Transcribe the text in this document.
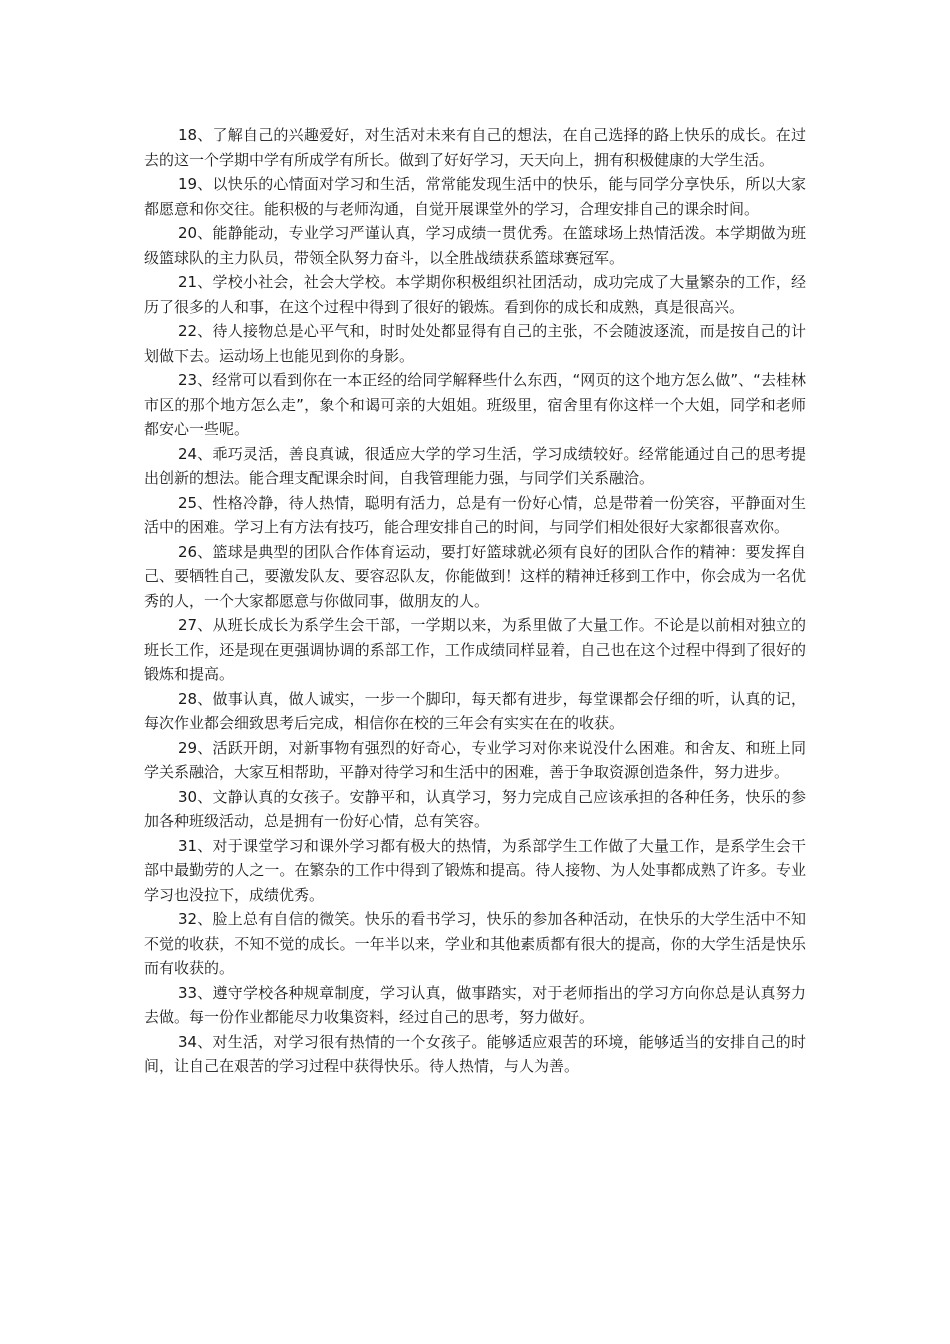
18、了解自己的兴趣爱好，对生活对未来有自己的想法，在自己选择的路上快乐的成长。在过去的这一个学期中学有所成学有所长。做到了好好学习，天天向上，拥有积极健康的大学生活。

19、以快乐的心情面对学习和生活，常常能发现生活中的快乐，能与同学分享快乐，所以大家都愿意和你交往。能积极的与老师沟通，自觉开展课堂外的学习，合理安排自己的课余时间。

20、能静能动，专业学习严谨认真，学习成绩一贯优秀。在篮球场上热情活泼。本学期做为班级篮球队的主力队员，带领全队努力奋斗，以全胜战绩获系篮球赛冠军。

21、学校小社会，社会大学校。本学期你积极组织社团活动，成功完成了大量繁杂的工作，经历了很多的人和事，在这个过程中得到了很好的锻炼。看到你的成长和成熟，真是很高兴。

22、待人接物总是心平气和，时时处处都显得有自己的主张，不会随波逐流，而是按自己的计划做下去。运动场上也能见到你的身影。

23、经常可以看到你在一本正经的给同学解释些什么东西，“网页的这个地方怎么做”、“去桂林市区的那个地方怎么走”，象个和谒可亲的大姐姐。班级里，宿舍里有你这样一个大姐，同学和老师都安心一些呢。

24、乖巧灵活，善良真诚，很适应大学的学习生活，学习成绩较好。经常能通过自己的思考提出创新的想法。能合理支配课余时间，自我管理能力强，与同学们关系融洽。

25、性格冷静，待人热情，聪明有活力，总是有一份好心情，总是带着一份笑容，平静面对生活中的困难。学习上有方法有技巧，能合理安排自己的时间，与同学们相处很好大家都很喜欢你。

26、篮球是典型的团队合作体育运动，要打好篮球就必须有良好的团队合作的精神：要发挥自己、要牺牲自己，要激发队友、要容忍队友，你能做到！这样的精神迁移到工作中，你会成为一名优秀的人，一个大家都愿意与你做同事，做朋友的人。

27、从班长成长为系学生会干部，一学期以来，为系里做了大量工作。不论是以前相对独立的班长工作，还是现在更强调协调的系部工作，工作成绩同样显着，自己也在这个过程中得到了很好的锻炼和提高。

28、做事认真，做人诚实，一步一个脚印，每天都有进步，每堂课都会仔细的听，认真的记，每次作业都会细致思考后完成，相信你在校的三年会有实实在在的收获。

29、活跃开朗，对新事物有强烈的好奇心，专业学习对你来说没什么困难。和舍友、和班上同学关系融洽，大家互相帮助，平静对待学习和生活中的困难，善于争取资源创造条件，努力进步。

30、文静认真的女孩子。安静平和，认真学习，努力完成自己应该承担的各种任务，快乐的参加各种班级活动，总是拥有一份好心情，总有笑容。

31、对于课堂学习和课外学习都有极大的热情，为系部学生工作做了大量工作，是系学生会干部中最勤劳的人之一。在繁杂的工作中得到了锻炼和提高。待人接物、为人处事都成熟了许多。专业学习也没拉下，成绩优秀。

32、脸上总有自信的微笑。快乐的看书学习，快乐的参加各种活动，在快乐的大学生活中不知不觉的收获，不知不觉的成长。一年半以来，学业和其他素质都有很大的提高，你的大学生活是快乐而有收获的。

33、遵守学校各种规章制度，学习认真，做事踏实，对于老师指出的学习方向你总是认真努力去做。每一份作业都能尽力收集资料，经过自己的思考，努力做好。

34、对生活，对学习很有热情的一个女孩子。能够适应艰苦的环境，能够适当的安排自己的时间，让自己在艰苦的学习过程中获得快乐。待人热情，与人为善。
